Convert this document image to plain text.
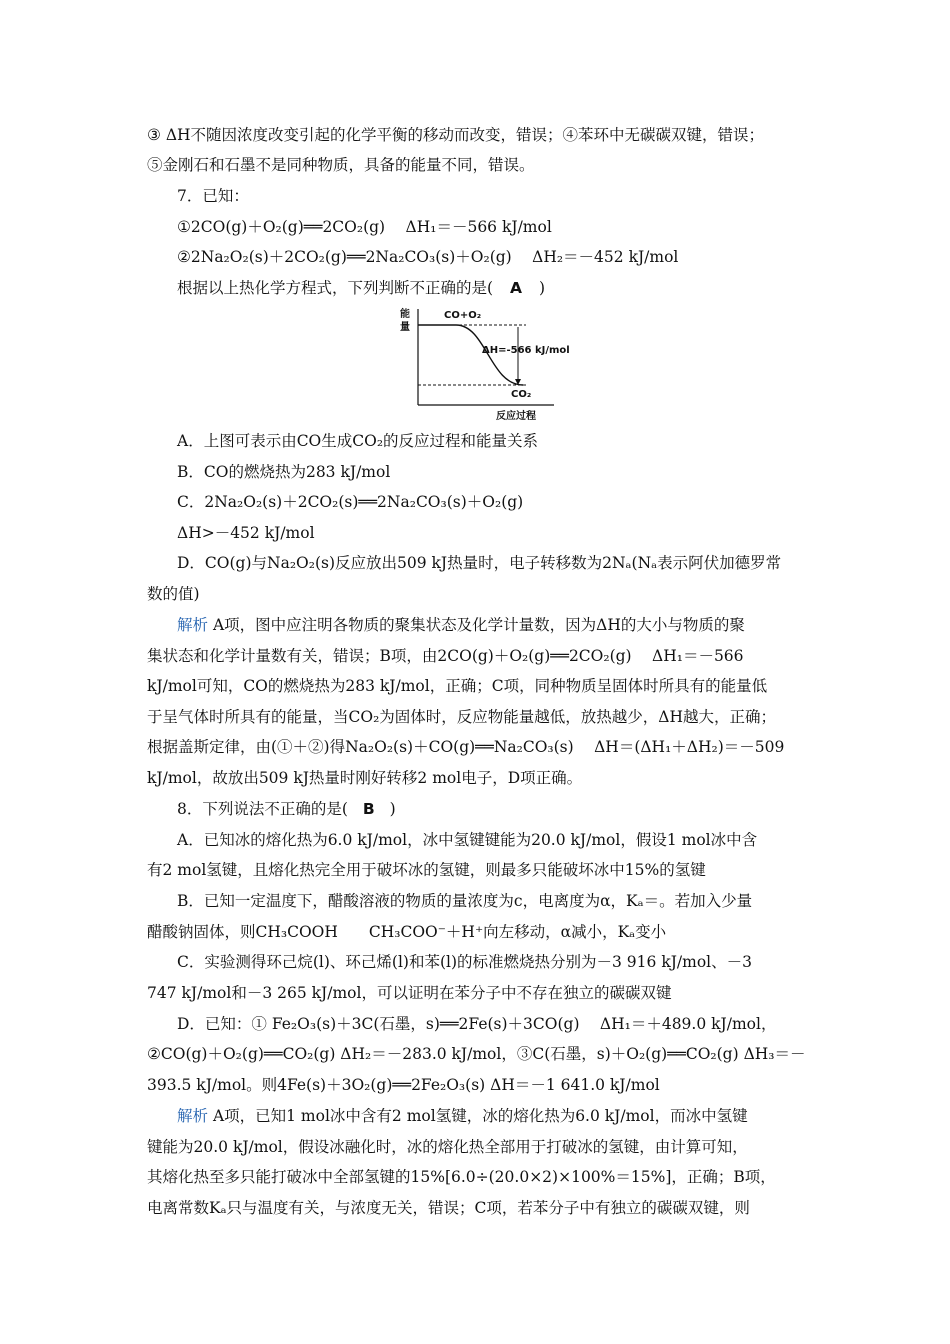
③ ΔH不随因浓度改变引起的化学平衡的移动而改变，错误；④苯环中无碳碳双键，错误；
⑤金刚石和石墨不是同种物质，具备的能量不同，错误。
7．已知：
①2CO(g)＋O₂(g)══2CO₂(g)　 ΔH₁＝－566 kJ/mol
②2Na₂O₂(s)＋2CO₂(g)══2Na₂CO₃(s)＋O₂(g)　 ΔH₂＝－452 kJ/mol
根据以上热化学方程式，下列判断不正确的是( A )
能
量
反应过程
CO+O₂
ΔH=-566 kJ/mol
CO₂
A．上图可表示由CO生成CO₂的反应过程和能量关系
B．CO的燃烧热为283 kJ/mol
C．2Na₂O₂(s)＋2CO₂(s)══2Na₂CO₃(s)＋O₂(g)
ΔH>－452 kJ/mol
D．CO(g)与Na₂O₂(s)反应放出509 kJ热量时，电子转移数为2Nₐ(Nₐ表示阿伏加德罗常
数的值)
解析 A项，图中应注明各物质的聚集状态及化学计量数，因为ΔH的大小与物质的聚
集状态和化学计量数有关，错误；B项，由2CO(g)＋O₂(g)══2CO₂(g)　 ΔH₁＝－566
kJ/mol可知，CO的燃烧热为283 kJ/mol，正确；C项，同种物质呈固体时所具有的能量低
于呈气体时所具有的能量，当CO₂为固体时，反应物能量越低，放热越少，ΔH越大，正确；
根据盖斯定律，由(①＋②)得Na₂O₂(s)＋CO(g)══Na₂CO₃(s)　 ΔH＝(ΔH₁＋ΔH₂)＝－509
kJ/mol，故放出509 kJ热量时刚好转移2 mol电子，D项正确。
8．下列说法不正确的是( B )
A．已知冰的熔化热为6.0 kJ/mol，冰中氢键键能为20.0 kJ/mol，假设1 mol冰中含
有2 mol氢键，且熔化热完全用于破坏冰的氢键，则最多只能破坏冰中15%的氢键
B．已知一定温度下，醋酸溶液的物质的量浓度为c，电离度为α，Kₐ＝。若加入少量
醋酸钠固体，则CH₃COOH　　CH₃COO⁻＋H⁺向左移动，α减小，Kₐ变小
C．实验测得环己烷(l)、环己烯(l)和苯(l)的标准燃烧热分别为－3 916 kJ/mol、－3
747 kJ/mol和－3 265 kJ/mol，可以证明在苯分子中不存在独立的碳碳双键
D．已知：① Fe₂O₃(s)＋3C(石墨，s)══2Fe(s)＋3CO(g)　 ΔH₁＝＋489.0 kJ/mol，
②CO(g)＋O₂(g)══CO₂(g) ΔH₂＝－283.0 kJ/mol，③C(石墨，s)＋O₂(g)══CO₂(g) ΔH₃＝－
393.5 kJ/mol。则4Fe(s)＋3O₂(g)══2Fe₂O₃(s) ΔH＝－1 641.0 kJ/mol
解析 A项，已知1 mol冰中含有2 mol氢键，冰的熔化热为6.0 kJ/mol，而冰中氢键
键能为20.0 kJ/mol，假设冰融化时，冰的熔化热全部用于打破冰的氢键，由计算可知，
其熔化热至多只能打破冰中全部氢键的15%[6.0÷(20.0×2)×100%＝15%]，正确；B项，
电离常数Kₐ只与温度有关，与浓度无关，错误；C项，若苯分子中有独立的碳碳双键，则
